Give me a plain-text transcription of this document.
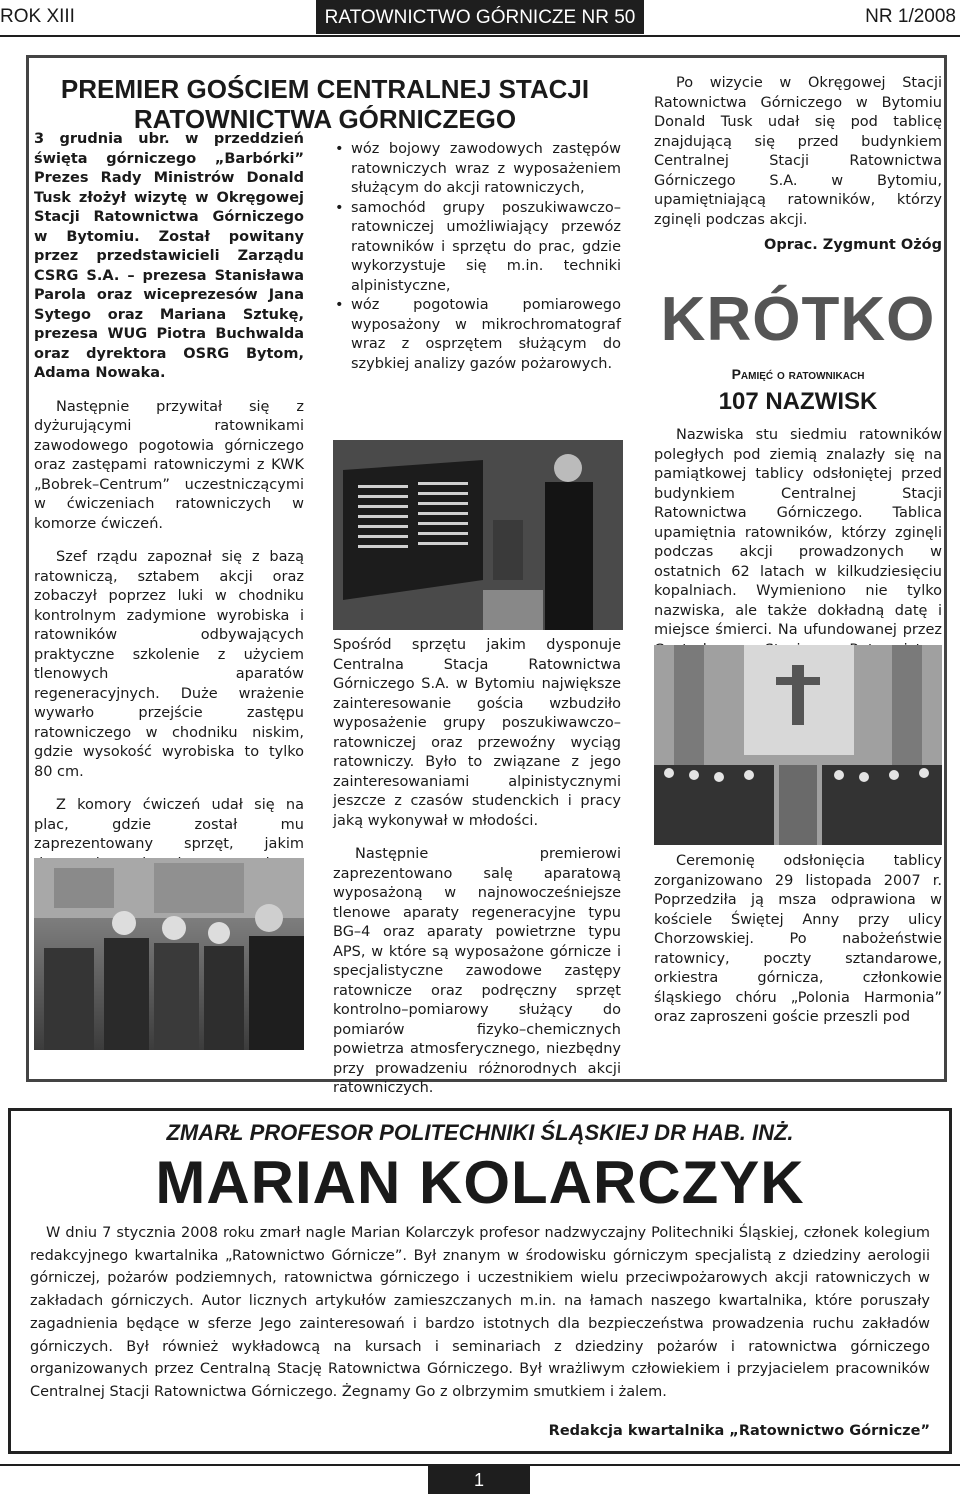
ROK XIII	RATOWNICTWO GÓRNICZE NR 50	NR 1/2008
PREMIER GOŚCIEM CENTRALNEJ STACJI RATOWNICTWA GÓRNICZEGO

3 grudnia ubr. w przeddzień święta górniczego „Barbórki” Prezes Rady Ministrów Donald Tusk złożył wizytę w Okręgowej Stacji Ratownictwa Górniczego w Bytomiu. Został powitany przez przedstawicieli Zarządu CSRG S.A. – prezesa Stanisława Parola oraz wiceprezesów Jana Sytego oraz Mariana Sztukę, prezesa WUG Piotra Buchwalda oraz dyrektora OSRG Bytom, Adama Nowaka.

Następnie przywitał się z dyżurującymi ratownikami zawodowego pogotowia górniczego oraz zastępami ratowniczymi z KWK „Bobrek–Centrum” uczestniczącymi w ćwiczeniach ratowniczych w komorze ćwiczeń.

Szef rządu zapoznał się z bazą ratowniczą, sztabem akcji oraz zobaczył poprzez luki w chodniku kontrolnym zadymione wyrobiska i ratowników odbywających praktyczne szkolenie z użyciem tlenowych aparatów regeneracyjnych. Duże wrażenie wywarło przejście zastępu ratowniczego w chodniku niskim, gdzie wysokość wyrobiska to tylko 80 cm.

Z komory ćwiczeń udał się na plac, gdzie został mu zaprezentowany sprzęt, jakim

•
• wóz bojowy zawodowych zastępów ratowniczych wraz z wyposażeniem służącym do akcji ratowniczych,
• samochód grupy poszukiwawczo–ratowniczej umożliwiający przewóz ratowników i sprzętu do prac, gdzie wykorzystuje się m.in. techniki alpinistyczne,
• wóz pogotowia pomiarowego wyposażony w mikrochromatograf wraz z osprzętem służącym do szybkiej analizy gazów pożarowych.

Spośród sprzętu jakim dysponuje Centralna Stacja Ratownictwa Górniczego S.A. w Bytomiu największe zainteresowanie gościa wzbudziło wyposażenie grupy poszukiwawczo–ratowniczej oraz przewoźny wyciąg ratowniczy. Było to związane z jego zainteresowaniami alpinistycznymi jeszcze z czasów studenckich i pracy jaką wykonywał w młodości.

Następnie premierowi zaprezentowano salę aparatową wyposażoną w najnowocześniejsze tlenowe aparaty regeneracyjne typu BG–4 oraz aparaty powietrzne typu APS, w które są wyposażone górnicze i specjalistyczne zawodowe zastępy ratownicze oraz podręczny sprzęt kontrolno–pomiarowy służący do pomiarów fizyko–chemicznych powietrza atmosferycznego, niezbędny przy prowadzeniu różnorodnych akcji ratowniczych.

Po wizycie w Okręgowej Stacji Ratownictwa Górniczego w Bytomiu Donald Tusk udał się pod tablicę znajdującą się przed budynkiem Centralnej Stacji Ratownictwa Górniczego S.A. w Bytomiu, upamiętniającą ratowników, którzy zginęli podczas akcji.

Oprac. Zygmunt Ożóg

KRÓTKO
Pamięć o ratownikach
107 NAZWISK

Nazwiska stu siedmiu ratowników poległych pod ziemią znalazły się na pamiątkowej tablicy odsłoniętej przed budynkiem Centralnej Stacji Ratownictwa Górniczego. Tablica upamiętnia ratowników, którzy zginęli podczas akcji prowadzonych w ostatnich 62 latach w kilkudziesięciu kopalniach. Wymieniono nie tylko nazwiska, ale także dokładną datę i miejsce śmierci. Na ufundowanej przez

Ceremonię odsłonięcia tablicy zorganizowano 29 listopada 2007 r. Poprzedziła ją msza odprawiona w kościele Świętej Anny przy ulicy Chorzowskiej. Po nabożeństwie ratownicy, poczty sztandarowe, orkiestra górnicza, członkowie śląskiego chóru „Polonia Harmonia” oraz zaproszeni goście przeszli pod

ZMARŁ PROFESOR POLITECHNIKI ŚLĄSKIEJ DR HAB. INŻ.
MARIAN KOLARCZYK
W dniu 7 stycznia 2008 roku zmarł nagle Marian Kolarczyk profesor nadzwyczajny Politechniki Śląskiej, członek kolegium redakcyjnego kwartalnika „Ratownictwo Górnicze”. Był znanym w środowisku górniczym specjalistą z dziedziny aerologii górniczej, pożarów podziemnych, ratownictwa górniczego i uczestnikiem wielu przeciwpożarowych akcji ratowniczych w zakładach górniczych. Autor licznych artykułów zamieszczanych m.in. na łamach naszego kwartalnika, które poruszały zagadnienia będące w sferze Jego zainteresowań i bardzo istotnych dla bezpieczeństwa prowadzenia ruchu zakładów górniczych. Był również wykładowcą na kursach i seminariach z dziedziny pożarów i ratownictwa górniczego organizowanych przez Centralną Stację Ratownictwa Górniczego. Był wrażliwym człowiekiem i przyjacielem pracowników Centralnej Stacji Ratownictwa Górniczego. Żegnamy Go z olbrzymim smutkiem i żalem.
Redakcja kwartalnika „Ratownictwo Górnicze”
1
